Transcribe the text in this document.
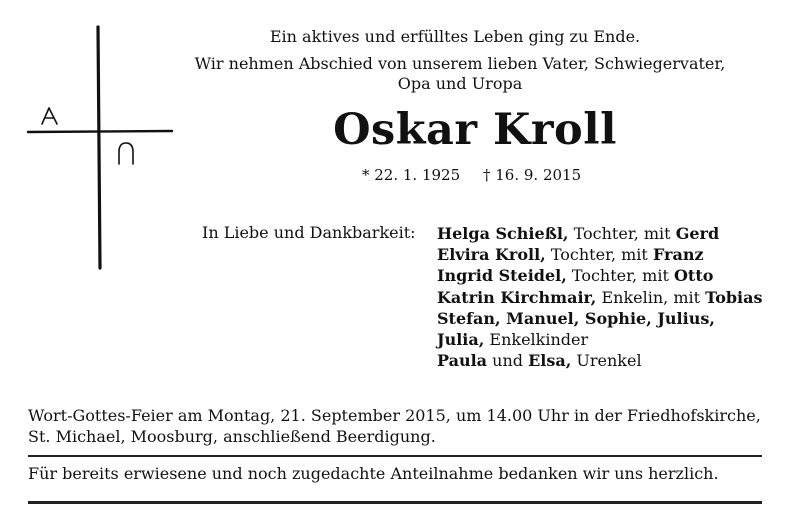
Ein aktives und erfülltes Leben ging zu Ende.
Wir nehmen Abschied von unserem lieben Vater, Schwiegervater,
Opa und Uropa
Oskar Kroll
* 22. 1. 1925 † 16. 9. 2015
In Liebe und Dankbarkeit: Helga Schießl, Tochter, mit Gerd
Elvira Kroll, Tochter, mit Franz
Ingrid Steidel, Tochter, mit Otto
Katrin Kirchmair, Enkelin, mit Tobias
Stefan, Manuel, Sophie, Julius,
Julia, Enkelkinder
Paula und Elsa, Urenkel
Wort-Gottes-Feier am Montag, 21. September 2015, um 14.00 Uhr in der Friedhofskirche,
St. Michael, Moosburg, anschließend Beerdigung.
Für bereits erwiesene und noch zugedachte Anteilnahme bedanken wir uns herzlich.
